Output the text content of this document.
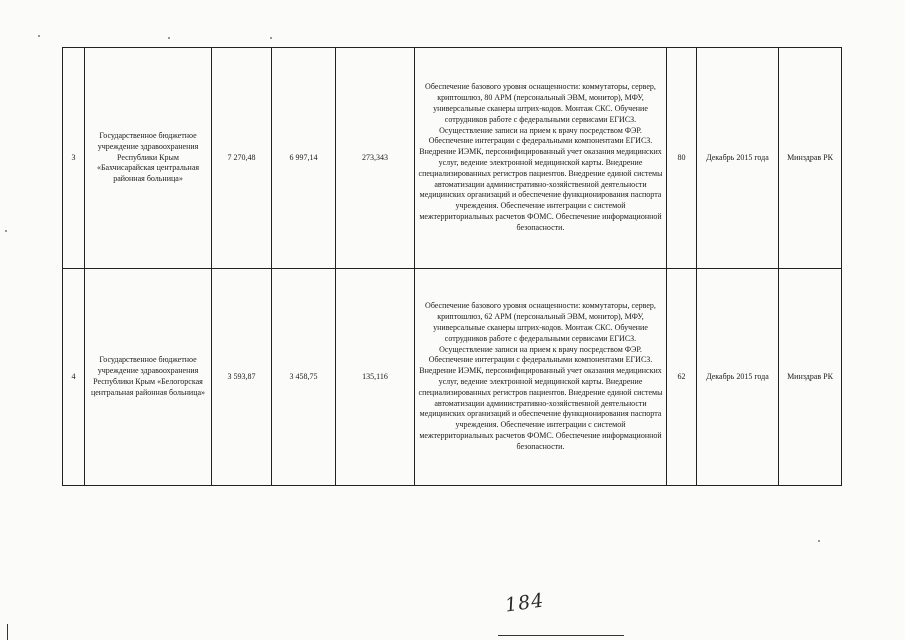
3	Государственное бюджетное учреждение здравоохранения Республики Крым «Бахчисарайская центральная районная больница»	7 270,48	6 997,14	273,343	Обеспечение базового уровня оснащенности: коммутаторы, сервер, криптошлюз, 80 АРМ (персональный ЭВМ, монитор), МФУ, универсальные сканеры штрих-кодов. Монтаж СКС. Обучение сотрудников работе с федеральными сервисами ЕГИСЗ. Осуществление записи на прием к врачу посредством ФЭР. Обеспечение интеграции с федеральными компонентами ЕГИСЗ. Внедрение ИЭМК, персонифицированный учет оказания медицинских услуг, ведение электронной медицинской карты. Внедрение специализированных регистров пациентов. Внедрение единой системы автоматизации административно-хозяйственной деятельности медицинских организаций и обеспечение функционирования паспорта учреждения. Обеспечение интеграции с системой межтерриториальных расчетов ФОМС. Обеспечение информационной безопасности.	80	Декабрь 2015 года	Минздрав РК
4	Государственное бюджетное учреждение здравоохранения Республики Крым «Белогорская центральная районная больница»	3 593,87	3 458,75	135,116	Обеспечение базового уровня оснащенности: коммутаторы, сервер, криптошлюз, 62 АРМ (персональный ЭВМ, монитор), МФУ, универсальные сканеры штрих-кодов. Монтаж СКС. Обучение сотрудников работе с федеральными сервисами ЕГИСЗ. Осуществление записи на прием к врачу посредством ФЭР. Обеспечение интеграции с федеральными компонентами ЕГИСЗ. Внедрение ИЭМК, персонифицированный учет оказания медицинских услуг, ведение электронной медицинской карты. Внедрение специализированных регистров пациентов. Внедрение единой системы автоматизации административно-хозяйственной деятельности медицинских организаций и обеспечение функционирования паспорта учреждения. Обеспечение интеграции с системой межтерриториальных расчетов ФОМС. Обеспечение информационной безопасности.	62	Декабрь 2015 года	Минздрав РК
184
